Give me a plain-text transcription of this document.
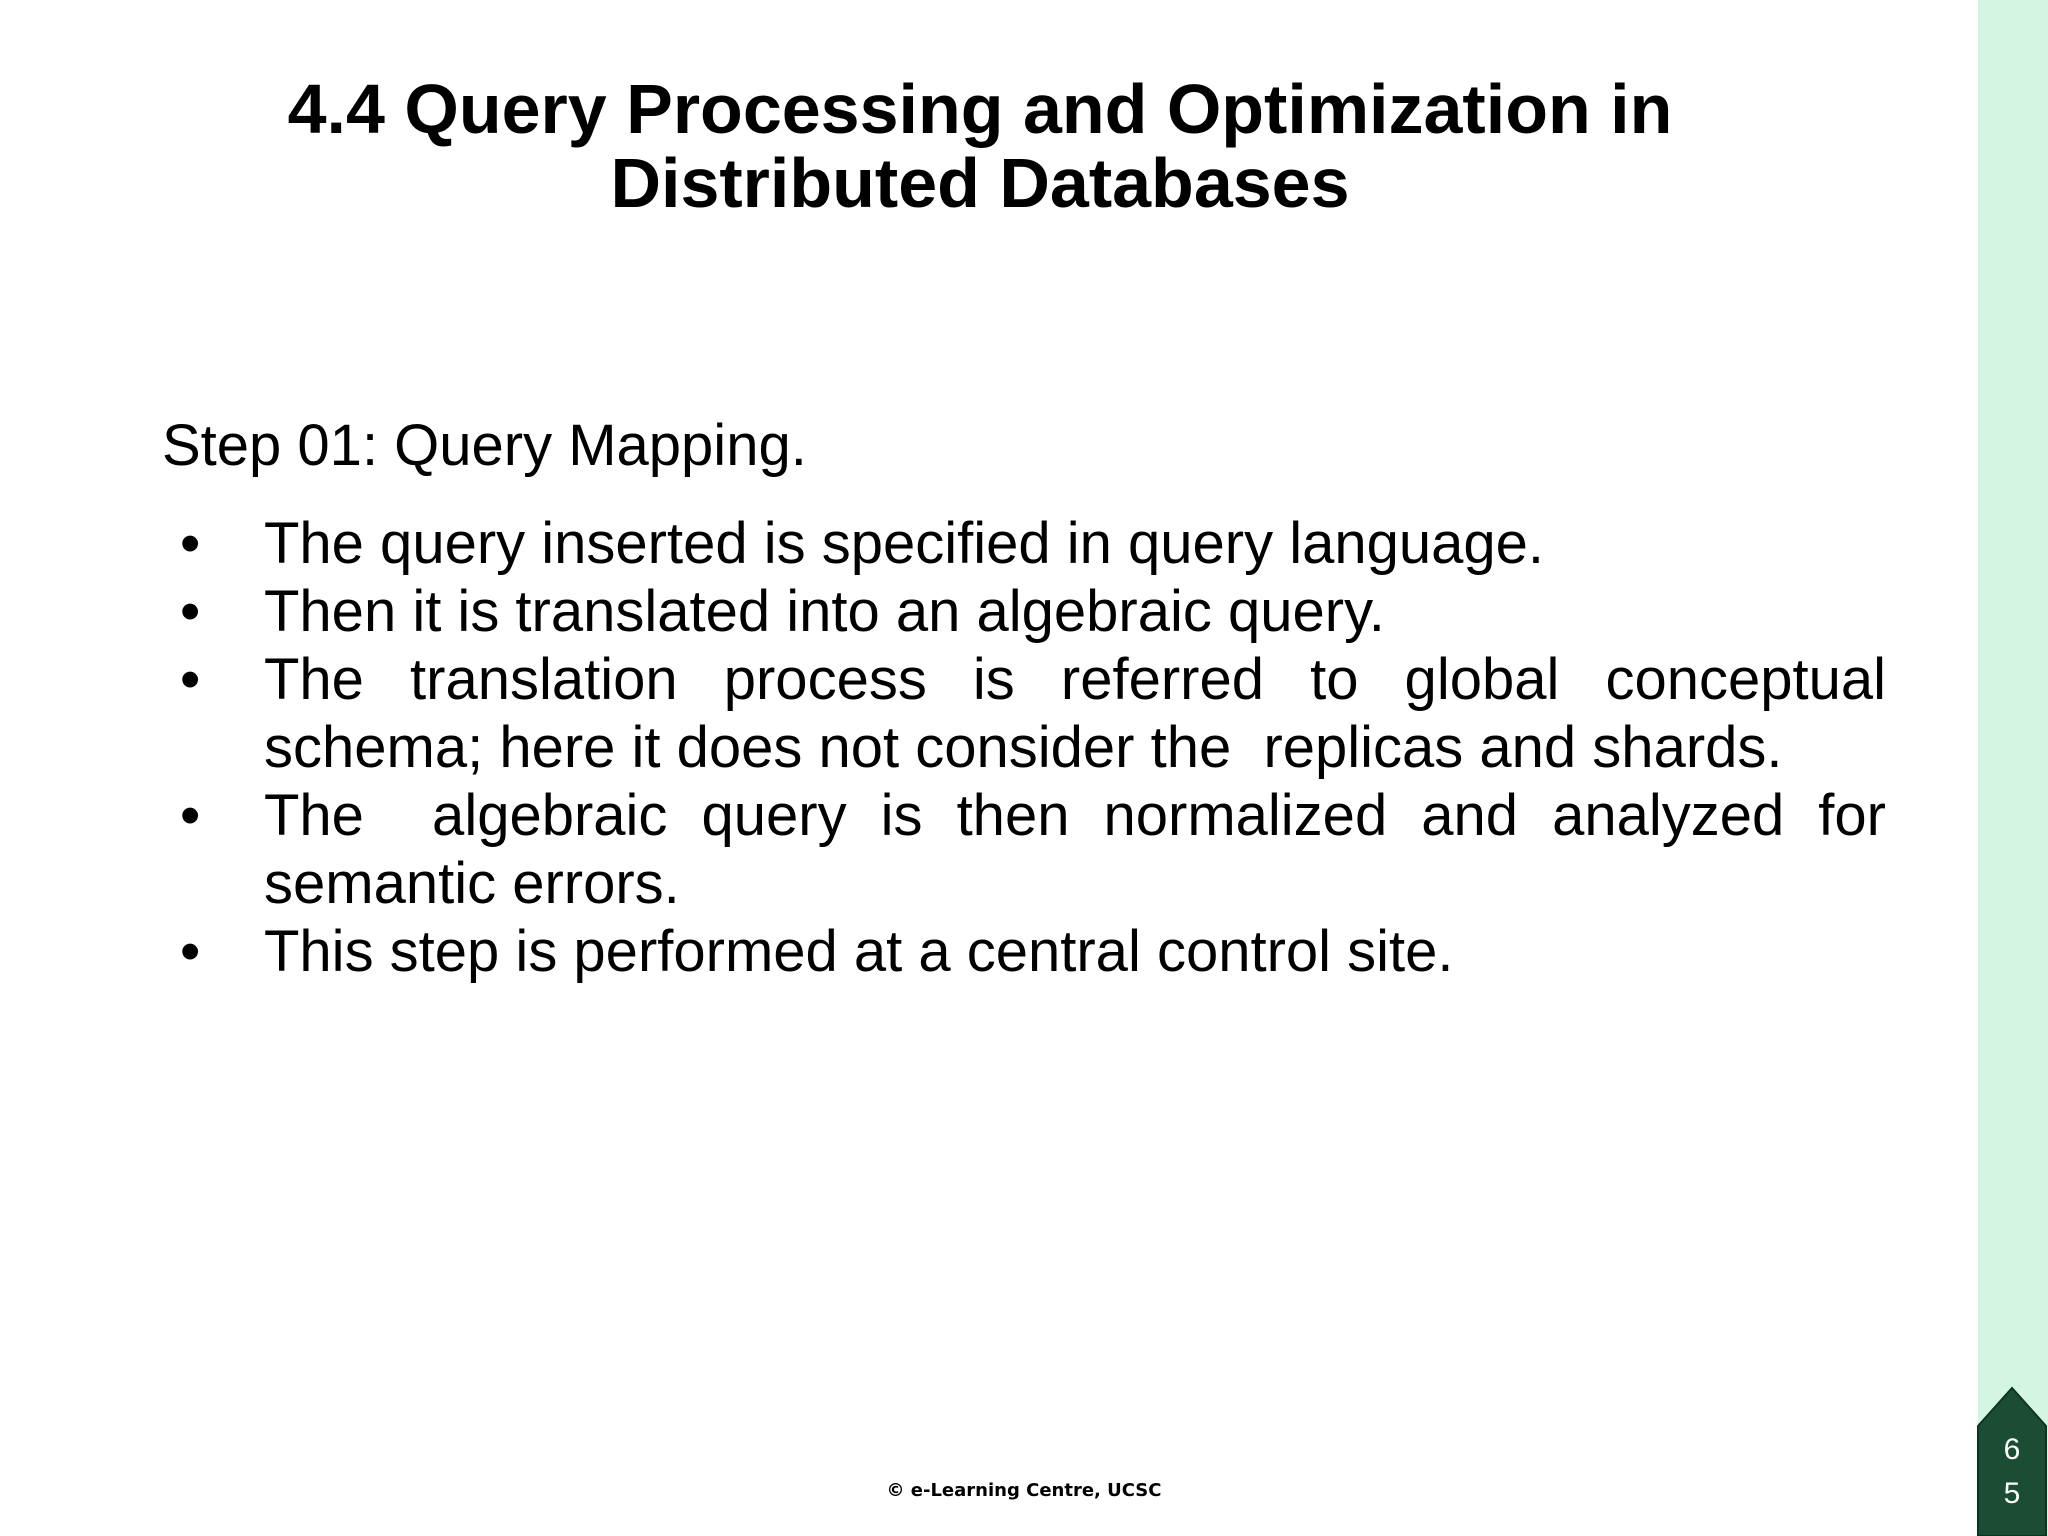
4.4 Query Processing and Optimization in
Distributed Databases

Step 01: Query Mapping.

•	The query inserted is specified in query language.
•	Then it is translated into an algebraic query.
•	The translation process is referred to global conceptual schema; here it does not consider the  replicas and shards.
•	The  algebraic query is then normalized and analyzed for semantic errors.
•	This step is performed at a central control site.
© e-Learning Centre, UCSC
6
5
